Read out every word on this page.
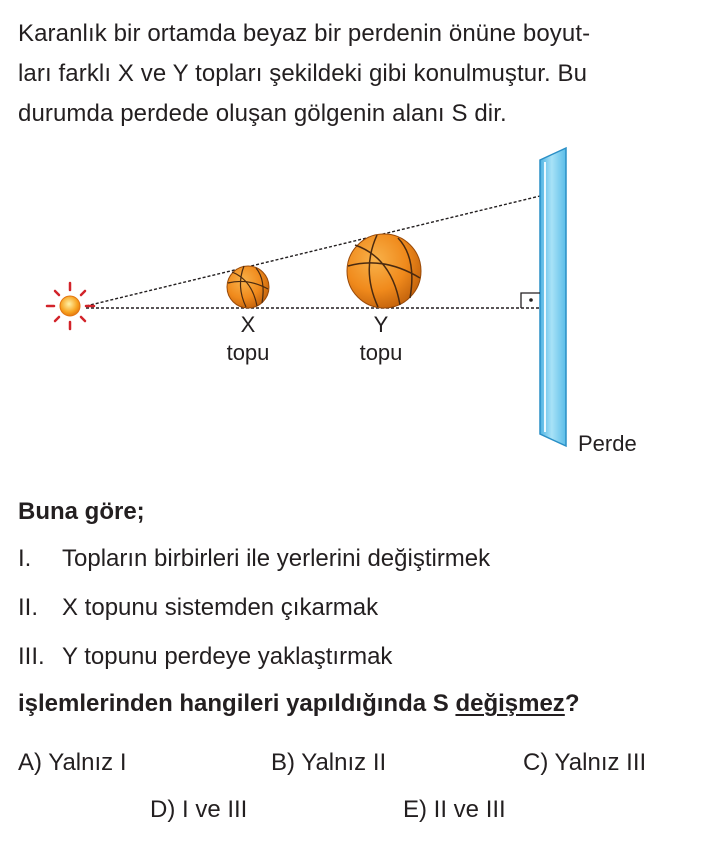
Karanlık bir ortamda beyaz bir perdenin önüne boyut-
ları farklı X ve Y topları şekildeki gibi konulmuştur. Bu
durumda perdede oluşan gölgenin alanı S dir.
X
topu
Y
topu
Perde
Buna göre;
I. Topların birbirleri ile yerlerini değiştirmek
II. X topunu sistemden çıkarmak
III. Y topunu perdeye yaklaştırmak
işlemlerinden hangileri yapıldığında S değişmez?
A) Yalnız I	B) Yalnız II	C) Yalnız III
D) I ve III	E) II ve III
